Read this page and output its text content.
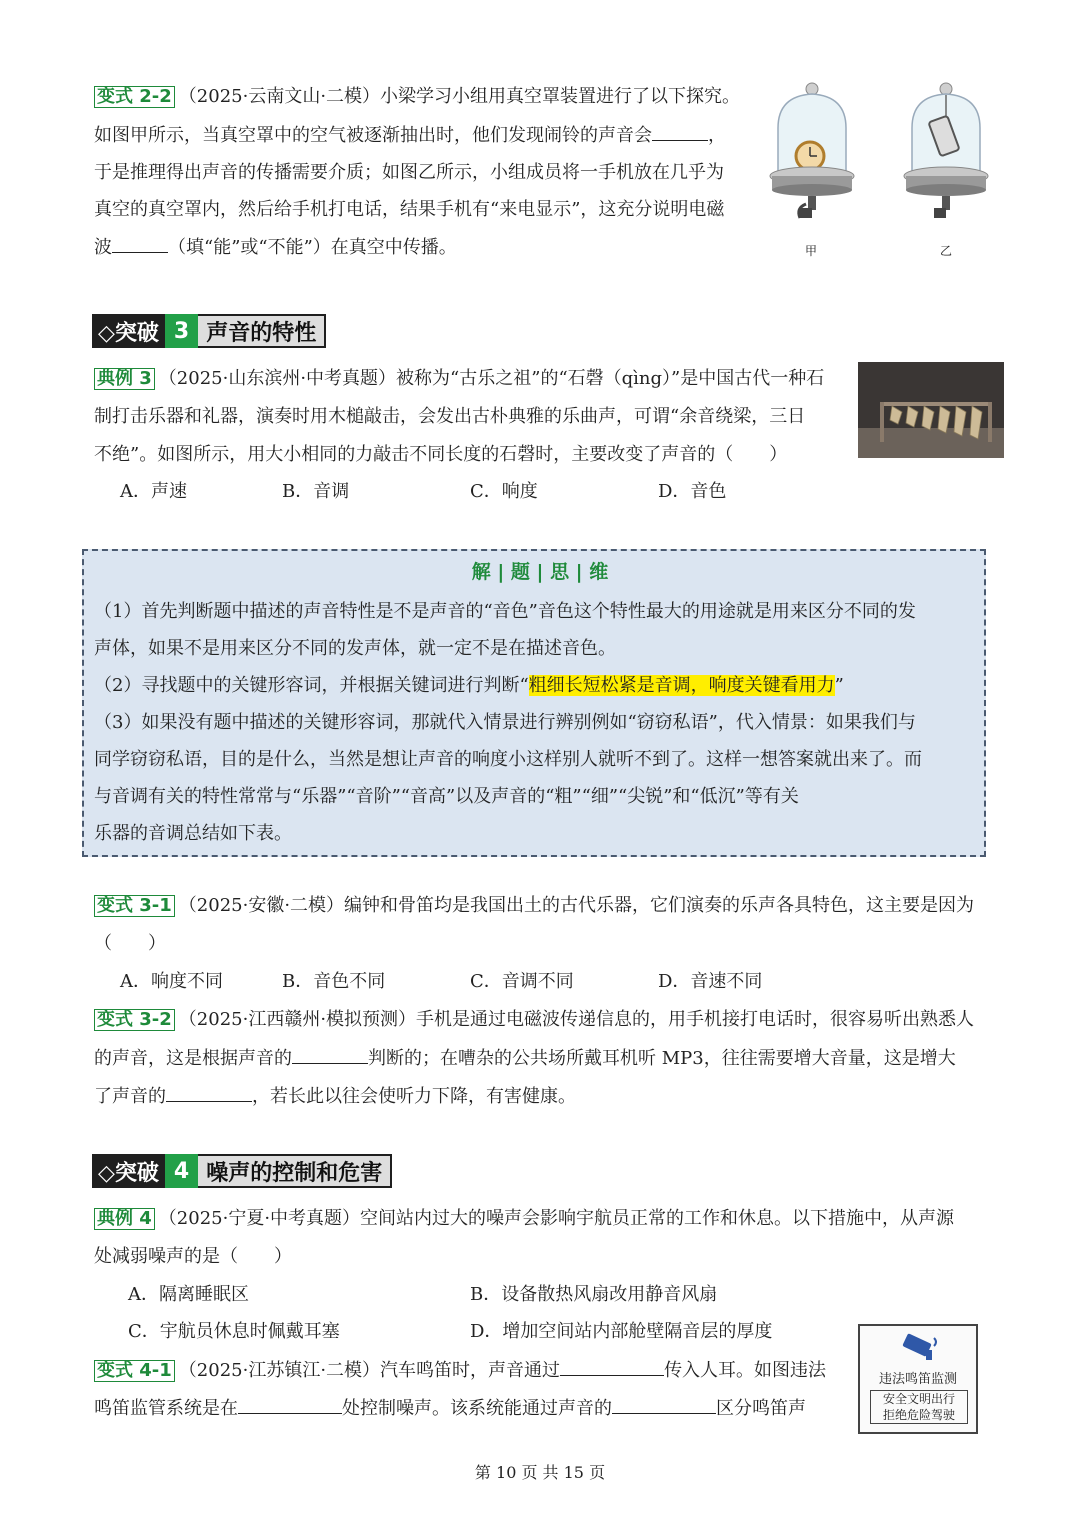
变式 2-2 （2025·云南文山·二模）小梁学习小组用真空罩装置进行了以下探究。
如图甲所示，当真空罩中的空气被逐渐抽出时，他们发现闹铃的声音会	，
于是推理得出声音的传播需要介质；如图乙所示，小组成员将一手机放在几乎为
真空的真空罩内，然后给手机打电话，结果手机有“来电显示”，这充分说明电磁
波	（填“能”或“不能”）在真空中传播。	甲	乙
◇突破 3 声音的特性
典例 3 （2025·山东滨州·中考真题）被称为“古乐之祖”的“石磬（qìng）”是中国古代一种石
制打击乐器和礼器，演奏时用木槌敲击，会发出古朴典雅的乐曲声，可谓“余音绕梁，三日
不绝”。如图所示，用大小相同的力敲击不同长度的石磬时，主要改变了声音的（　　）
A．声速	B．音调	C．响度	D．音色
解 | 题 | 思 | 维
（1）首先判断题中描述的声音特性是不是声音的“音色”音色这个特性最大的用途就是用来区分不同的发
声体，如果不是用来区分不同的发声体，就一定不是在描述音色。
（2）寻找题中的关键形容词，并根据关键词进行判断“粗细长短松紧是音调，响度关键看用力”
（3）如果没有题中描述的关键形容词，那就代入情景进行辨别例如“窃窃私语”，代入情景：如果我们与
同学窃窃私语，目的是什么，当然是想让声音的响度小这样别人就听不到了。这样一想答案就出来了。而
与音调有关的特性常常与“乐器”“音阶”“音高”以及声音的“粗”“细”“尖锐”和“低沉”等有关
乐器的音调总结如下表。
变式 3-1 （2025·安徽·二模）编钟和骨笛均是我国出土的古代乐器，它们演奏的乐声各具特色，这主要是因为
（　　）
A．响度不同	B．音色不同	C．音调不同	D．音速不同
变式 3-2 （2025·江西赣州·模拟预测）手机是通过电磁波传递信息的，用手机接打电话时，很容易听出熟悉人
的声音，这是根据声音的	判断的；在嘈杂的公共场所戴耳机听 MP3，往往需要增大音量，这是增大
了声音的	，若长此以往会使听力下降，有害健康。
◇突破 4 噪声的控制和危害
典例 4 （2025·宁夏·中考真题）空间站内过大的噪声会影响宇航员正常的工作和休息。以下措施中，从声源
处减弱噪声的是（　　）
A．隔离睡眠区	B．设备散热风扇改用静音风扇
C．宇航员休息时佩戴耳塞	D．增加空间站内部舱壁隔音层的厚度
变式 4-1 （2025·江苏镇江·二模）汽车鸣笛时，声音通过	传入人耳。如图违法
鸣笛监管系统是在	处控制噪声。该系统能通过声音的	区分鸣笛声
违法鸣笛监测
安全文明出行
拒绝危险驾驶
第 10 页 共 15 页
